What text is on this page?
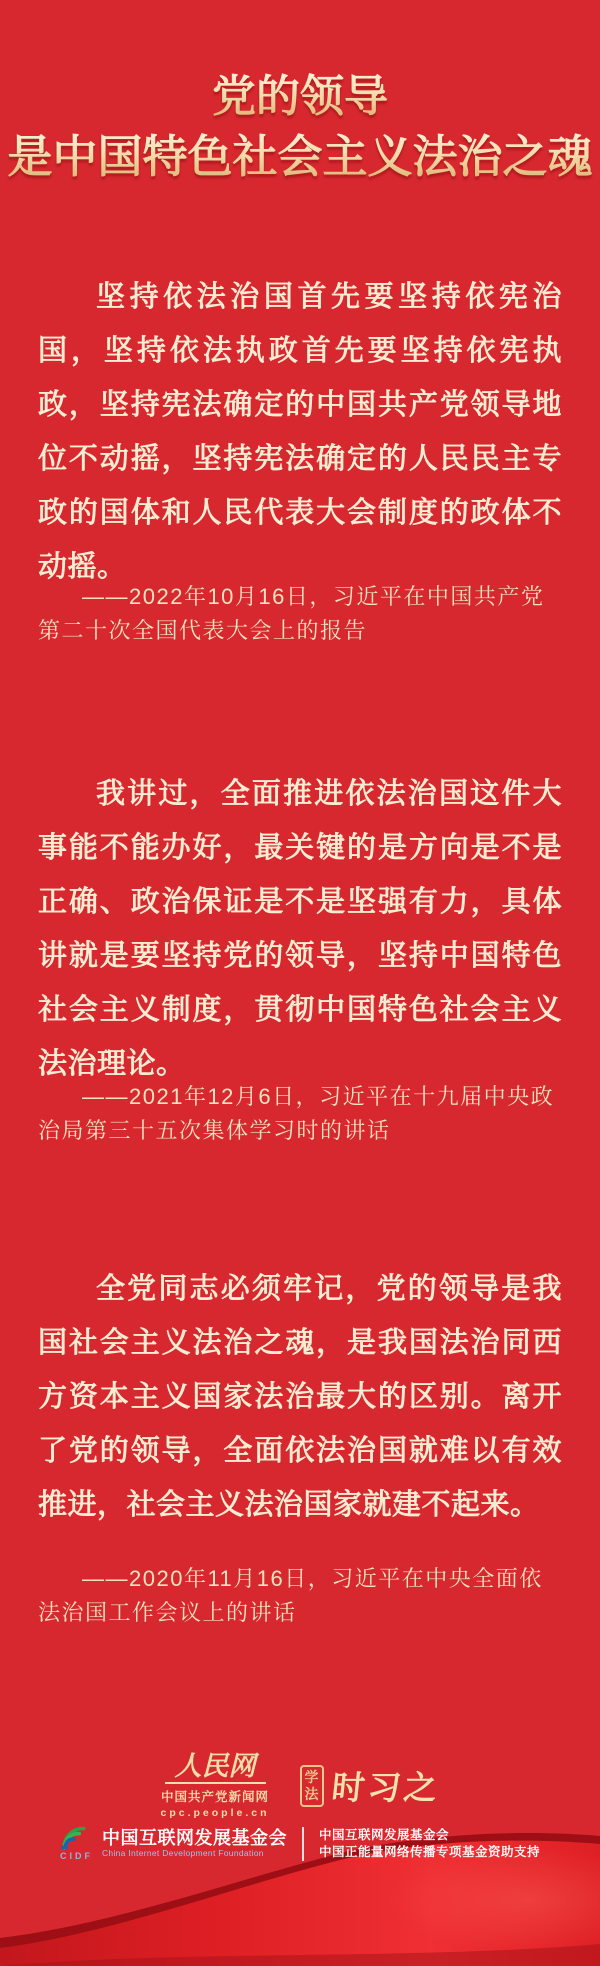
党的领导
是中国特色社会主义法治之魂

坚持依法治国首先要坚持依宪治国，坚持依法执政首先要坚持依宪执政，坚持宪法确定的中国共产党领导地位不动摇，坚持宪法确定的人民民主专政的国体和人民代表大会制度的政体不动摇。

——2022年10月16日，习近平在中国共产党第二十次全国代表大会上的报告

我讲过，全面推进依法治国这件大事能不能办好，最关键的是方向是不是正确、政治保证是不是坚强有力，具体讲就是要坚持党的领导，坚持中国特色社会主义制度，贯彻中国特色社会主义法治理论。

——2021年12月6日，习近平在十九届中央政治局第三十五次集体学习时的讲话

全党同志必须牢记，党的领导是我国社会主义法治之魂，是我国法治同西方资本主义国家法治最大的区别。离开了党的领导，全面依法治国就难以有效推进，社会主义法治国家就建不起来。

——2020年11月16日，习近平在中央全面依法治国工作会议上的讲话

人民网
中国共产党新闻网
cpc.people.cn
学
法 时习之
CIDF
中国互联网发展基金会
China Internet Development Foundation
中国互联网发展基金会
中国正能量网络传播专项基金资助支持
